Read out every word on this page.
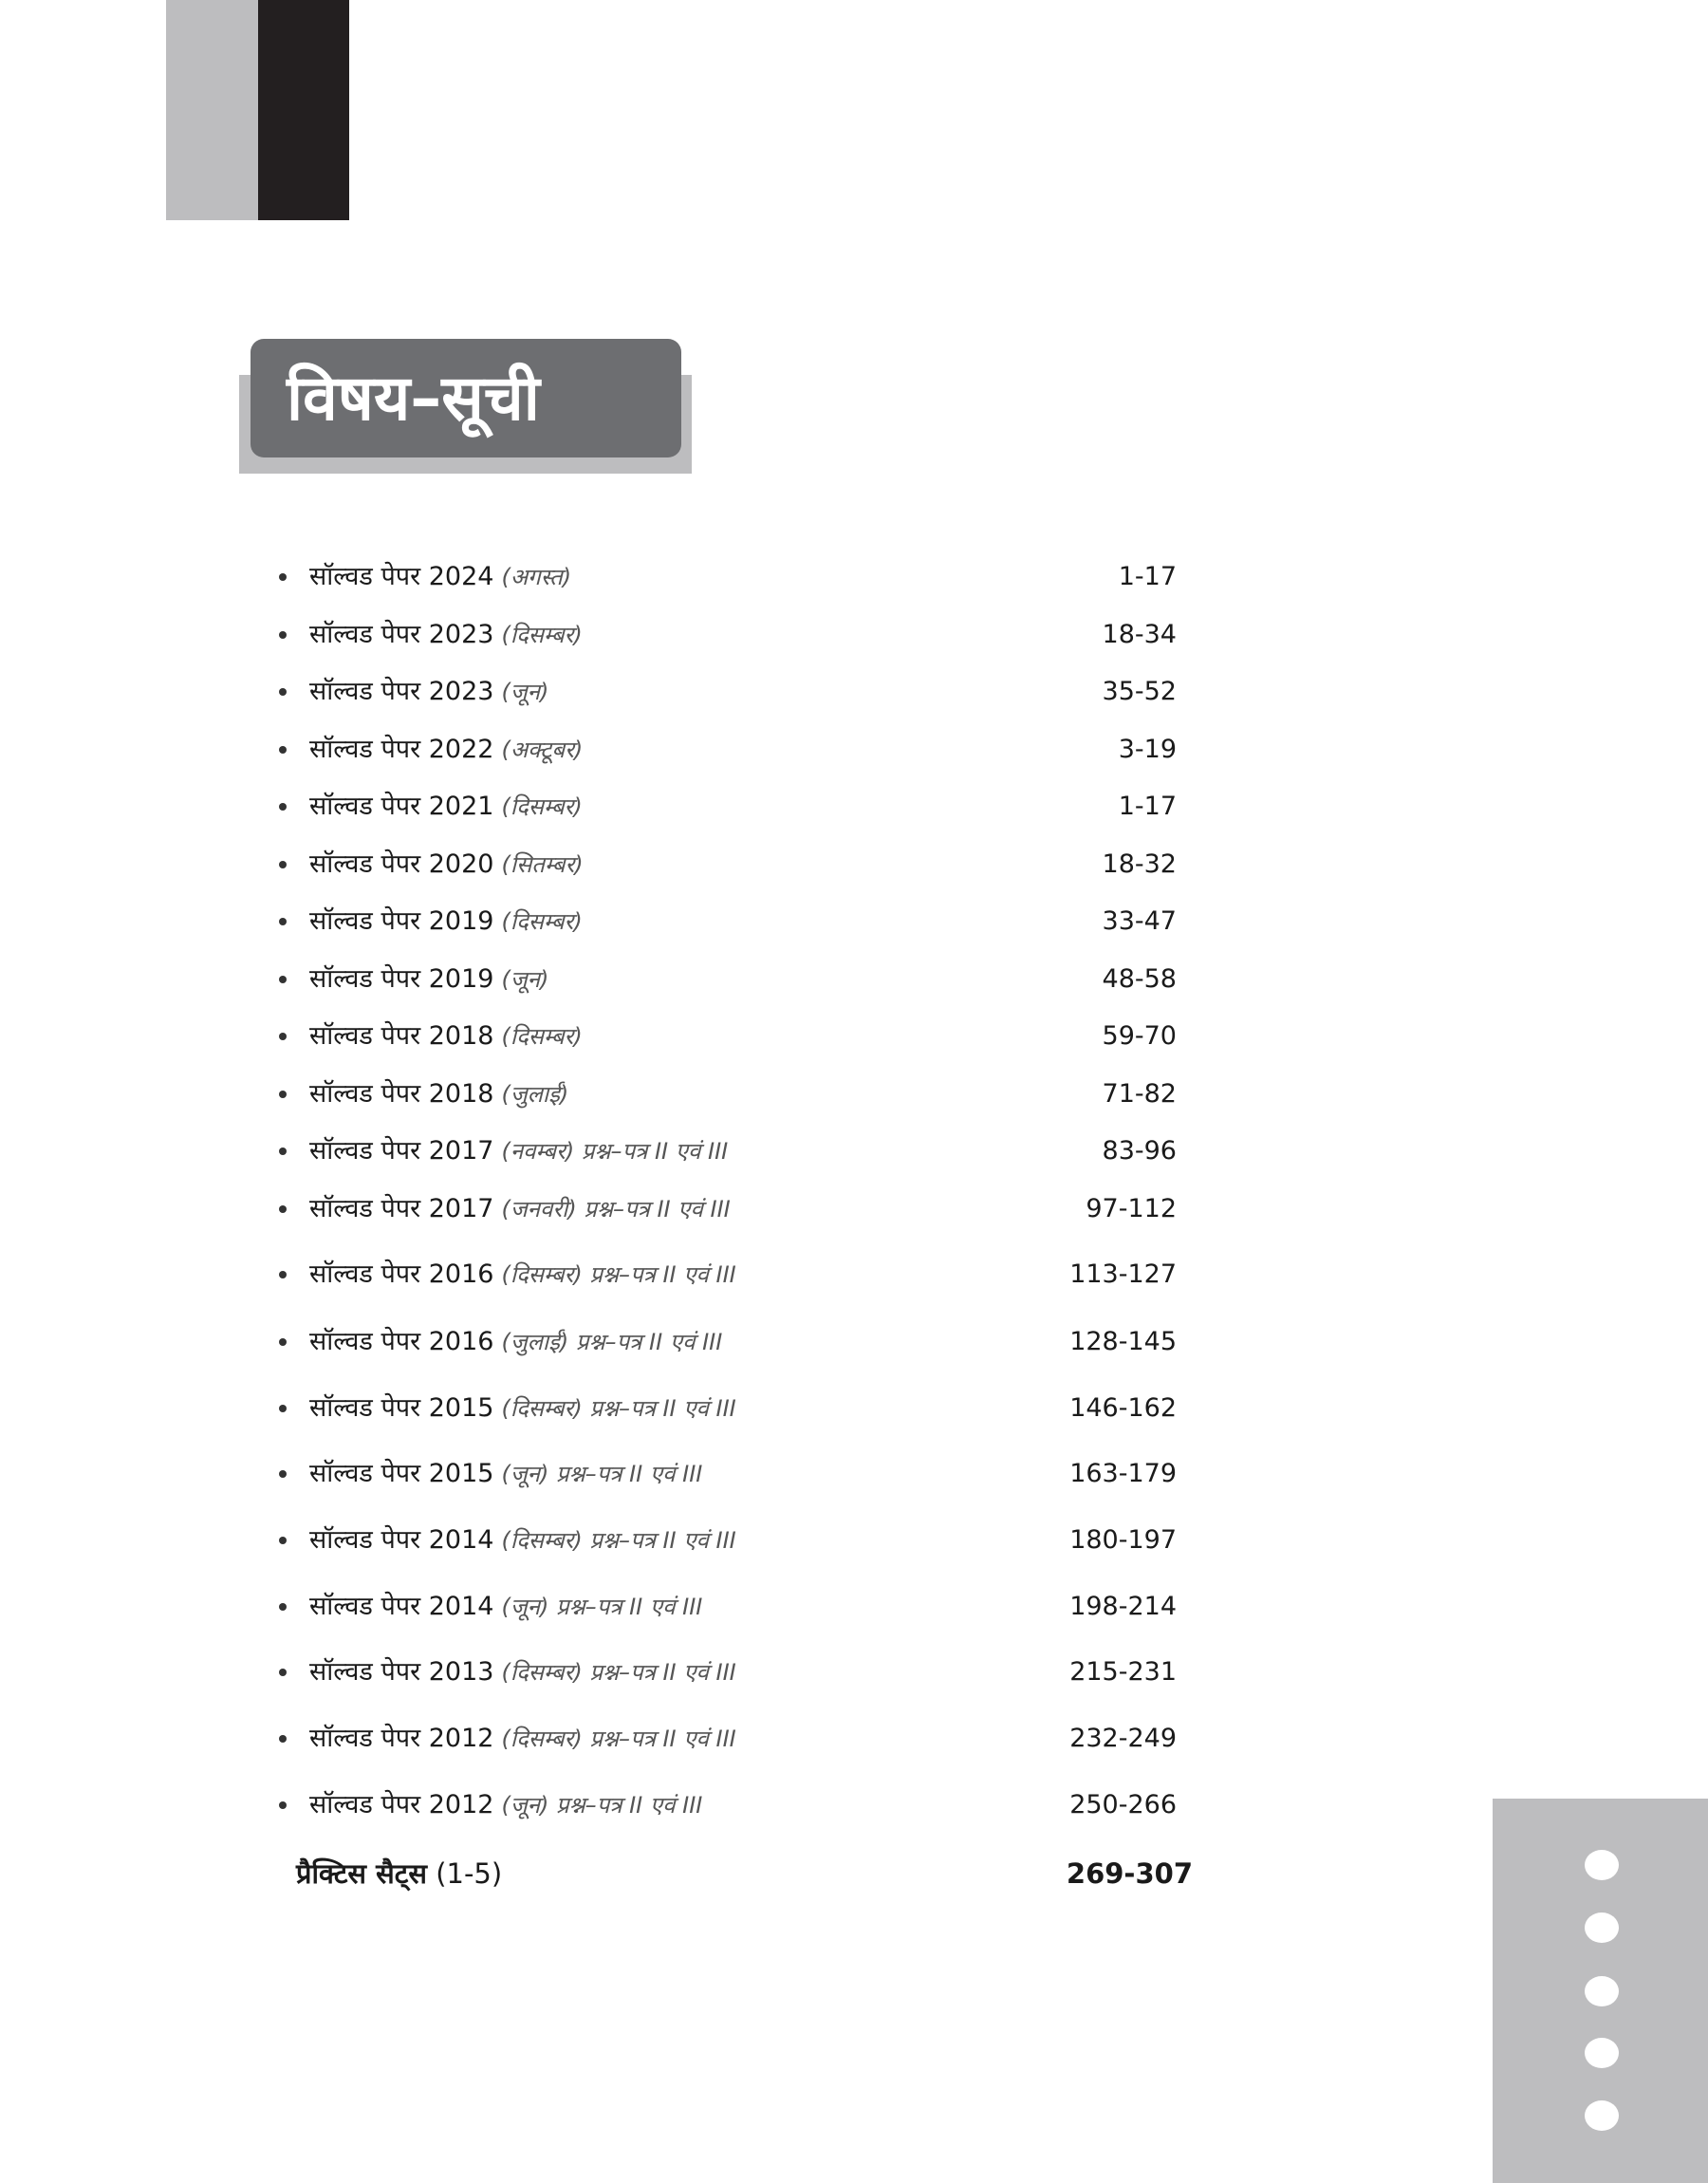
विषय–सूची
सॉल्वड पेपर 2024 (अगस्त)	1-17
सॉल्वड पेपर 2023 (दिसम्बर)	18-34
सॉल्वड पेपर 2023 (जून)	35-52
सॉल्वड पेपर 2022 (अक्टूबर)	3-19
सॉल्वड पेपर 2021 (दिसम्बर)	1-17
सॉल्वड पेपर 2020 (सितम्बर)	18-32
सॉल्वड पेपर 2019 (दिसम्बर)	33-47
सॉल्वड पेपर 2019 (जून)	48-58
सॉल्वड पेपर 2018 (दिसम्बर)	59-70
सॉल्वड पेपर 2018 (जुलाई)	71-82
सॉल्वड पेपर 2017 (नवम्बर) प्रश्न–पत्र II एवं III	83-96
सॉल्वड पेपर 2017 (जनवरी) प्रश्न–पत्र II एवं III	97-112
सॉल्वड पेपर 2016 (दिसम्बर) प्रश्न–पत्र II एवं III	113-127
सॉल्वड पेपर 2016 (जुलाई) प्रश्न–पत्र II एवं III	128-145
सॉल्वड पेपर 2015 (दिसम्बर) प्रश्न–पत्र II एवं III	146-162
सॉल्वड पेपर 2015 (जून) प्रश्न–पत्र II एवं III	163-179
सॉल्वड पेपर 2014 (दिसम्बर) प्रश्न–पत्र II एवं III	180-197
सॉल्वड पेपर 2014 (जून) प्रश्न–पत्र II एवं III	198-214
सॉल्वड पेपर 2013 (दिसम्बर) प्रश्न–पत्र II एवं III	215-231
सॉल्वड पेपर 2012 (दिसम्बर) प्रश्न–पत्र II एवं III	232-249
सॉल्वड पेपर 2012 (जून) प्रश्न–पत्र II एवं III	250-266
प्रैक्टिस सैट्स (1-5)	269-307
